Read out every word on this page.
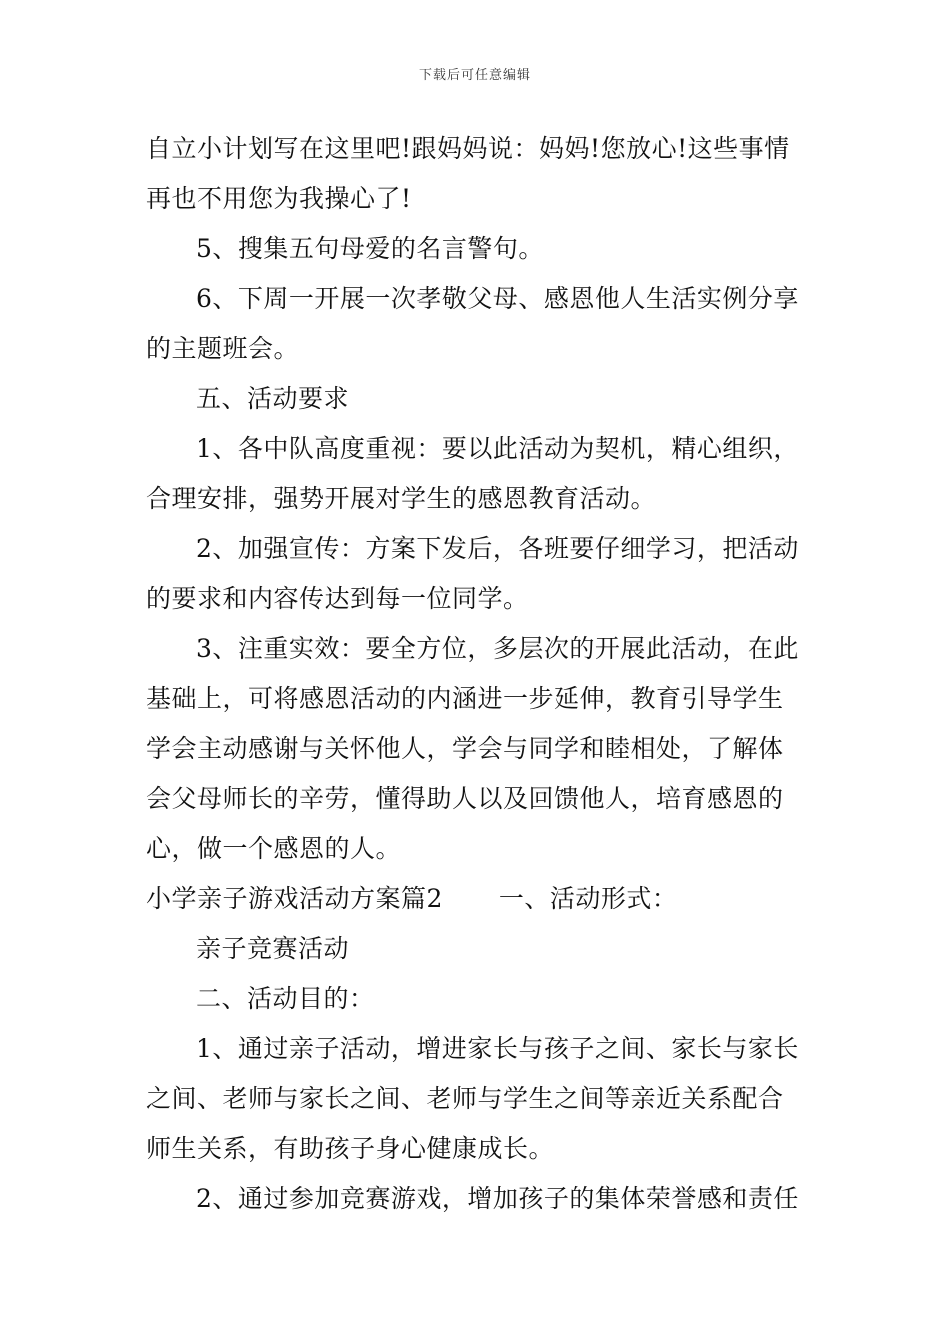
下载后可任意编辑
自立小计划写在这里吧!跟妈妈说：妈妈!您放心!这些事情
再也不用您为我操心了!
5、搜集五句母爱的名言警句。
6、下周一开展一次孝敬父母、感恩他人生活实例分享
的主题班会。
五、活动要求
1、各中队高度重视：要以此活动为契机，精心组织，
合理安排，强势开展对学生的感恩教育活动。
2、加强宣传：方案下发后，各班要仔细学习，把活动
的要求和内容传达到每一位同学。
3、注重实效：要全方位，多层次的开展此活动，在此
基础上，可将感恩活动的内涵进一步延伸，教育引导学生
学会主动感谢与关怀他人，学会与同学和睦相处，了解体
会父母师长的辛劳，懂得助人以及回馈他人，培育感恩的
心，做一个感恩的人。
小学亲子游戏活动方案篇2 一、活动形式：
亲子竞赛活动
二、活动目的：
1、通过亲子活动，增进家长与孩子之间、家长与家长
之间、老师与家长之间、老师与学生之间等亲近关系配合
师生关系，有助孩子身心健康成长。
2、通过参加竞赛游戏，增加孩子的集体荣誉感和责任
